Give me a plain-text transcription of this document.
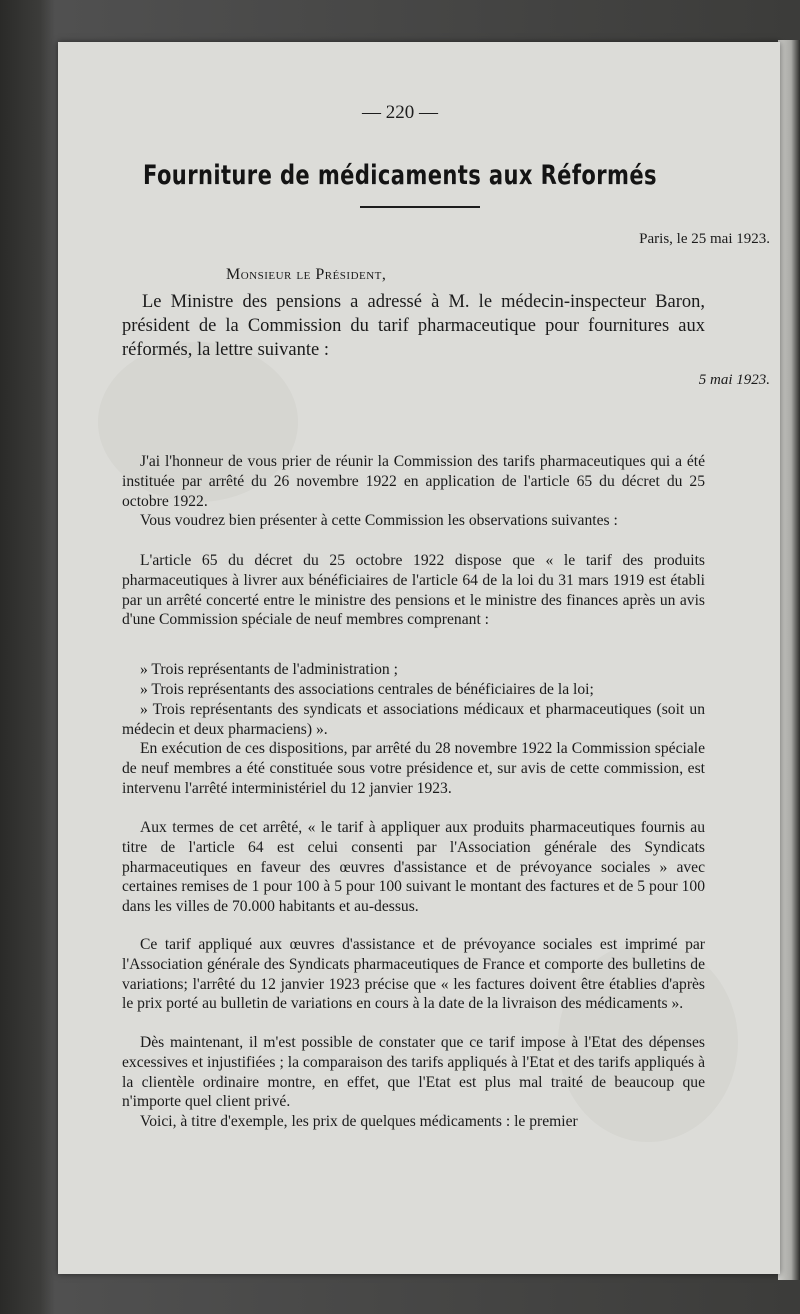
— 220 —
Fourniture de médicaments aux Réformés
Paris, le 25 mai 1923.
Monsieur le Président,

Le Ministre des pensions a adressé à M. le médecin-inspecteur Baron, président de la Commission du tarif pharmaceutique pour fournitures aux réformés, la lettre suivante :

5 mai 1923.

J'ai l'honneur de vous prier de réunir la Commission des tarifs pharmaceutiques qui a été instituée par arrêté du 26 novembre 1922 en application de l'article 65 du décret du 25 octobre 1922.

Vous voudrez bien présenter à cette Commission les observations suivantes :

L'article 65 du décret du 25 octobre 1922 dispose que « le tarif des produits pharmaceutiques à livrer aux bénéficiaires de l'article 64 de la loi du 31 mars 1919 est établi par un arrêté concerté entre le ministre des pensions et le ministre des finances après un avis d'une Commission spéciale de neuf membres comprenant :

» Trois représentants de l'administration ;

» Trois représentants des associations centrales de bénéficiaires de la loi;

» Trois représentants des syndicats et associations médicaux et pharmaceutiques (soit un médecin et deux pharmaciens) ».

En exécution de ces dispositions, par arrêté du 28 novembre 1922 la Commission spéciale de neuf membres a été constituée sous votre présidence et, sur avis de cette commission, est intervenu l'arrêté interministériel du 12 janvier 1923.

Aux termes de cet arrêté, « le tarif à appliquer aux produits pharmaceutiques fournis au titre de l'article 64 est celui consenti par l'Association générale des Syndicats pharmaceutiques en faveur des œuvres d'assistance et de prévoyance sociales » avec certaines remises de 1 pour 100 à 5 pour 100 suivant le montant des factures et de 5 pour 100 dans les villes de 70.000 habitants et au-dessus.

Ce tarif appliqué aux œuvres d'assistance et de prévoyance sociales est imprimé par l'Association générale des Syndicats pharmaceutiques de France et comporte des bulletins de variations; l'arrêté du 12 janvier 1923 précise que « les factures doivent être établies d'après le prix porté au bulletin de variations en cours à la date de la livraison des médicaments ».

Dès maintenant, il m'est possible de constater que ce tarif impose à l'Etat des dépenses excessives et injustifiées ; la comparaison des tarifs appliqués à l'Etat et des tarifs appliqués à la clientèle ordinaire montre, en effet, que l'Etat est plus mal traité de beaucoup que n'importe quel client privé.

Voici, à titre d'exemple, les prix de quelques médicaments : le premier
